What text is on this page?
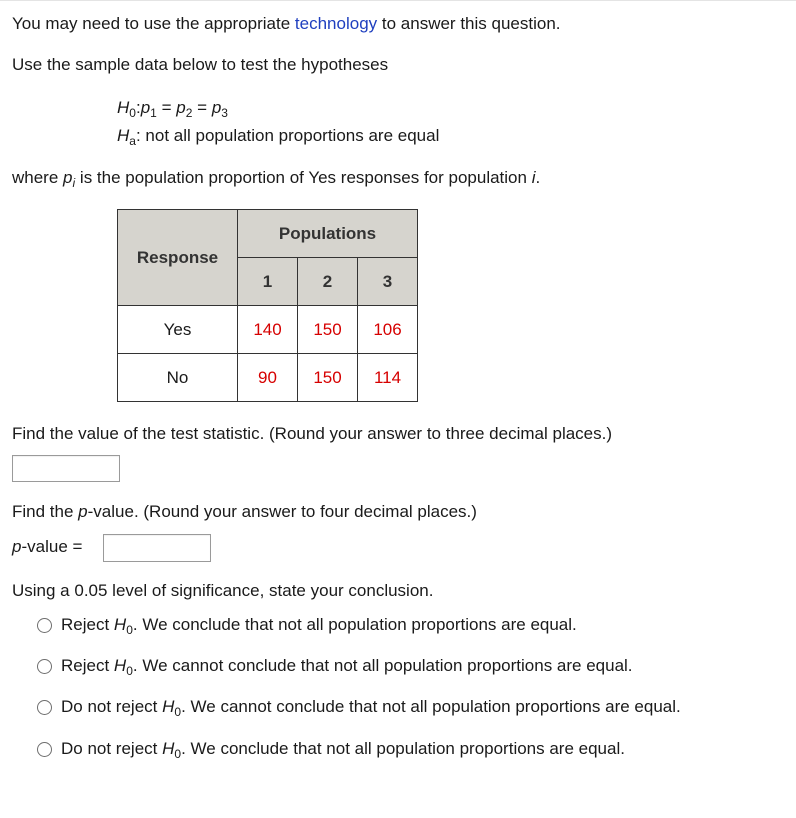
You may need to use the appropriate technology to answer this question.
Use the sample data below to test the hypotheses
$H_0:p_1 = p_2 = p_3$
$H_a$: not all population proportions are equal
where $p_i$ is the population proportion of Yes responses for population i.
Response	Populations		
	1	2	3
Yes	140	150	106
No	90	150	114
Find the value of the test statistic. (Round your answer to three decimal places.)
Find the p-value. (Round your answer to four decimal places.)
p-value =
Using a 0.05 level of significance, state your conclusion.
Reject $H_0$. We conclude that not all population proportions are equal.
Reject $H_0$. We cannot conclude that not all population proportions are equal.
Do not reject $H_0$. We cannot conclude that not all population proportions are equal.
Do not reject $H_0$. We conclude that not all population proportions are equal.
